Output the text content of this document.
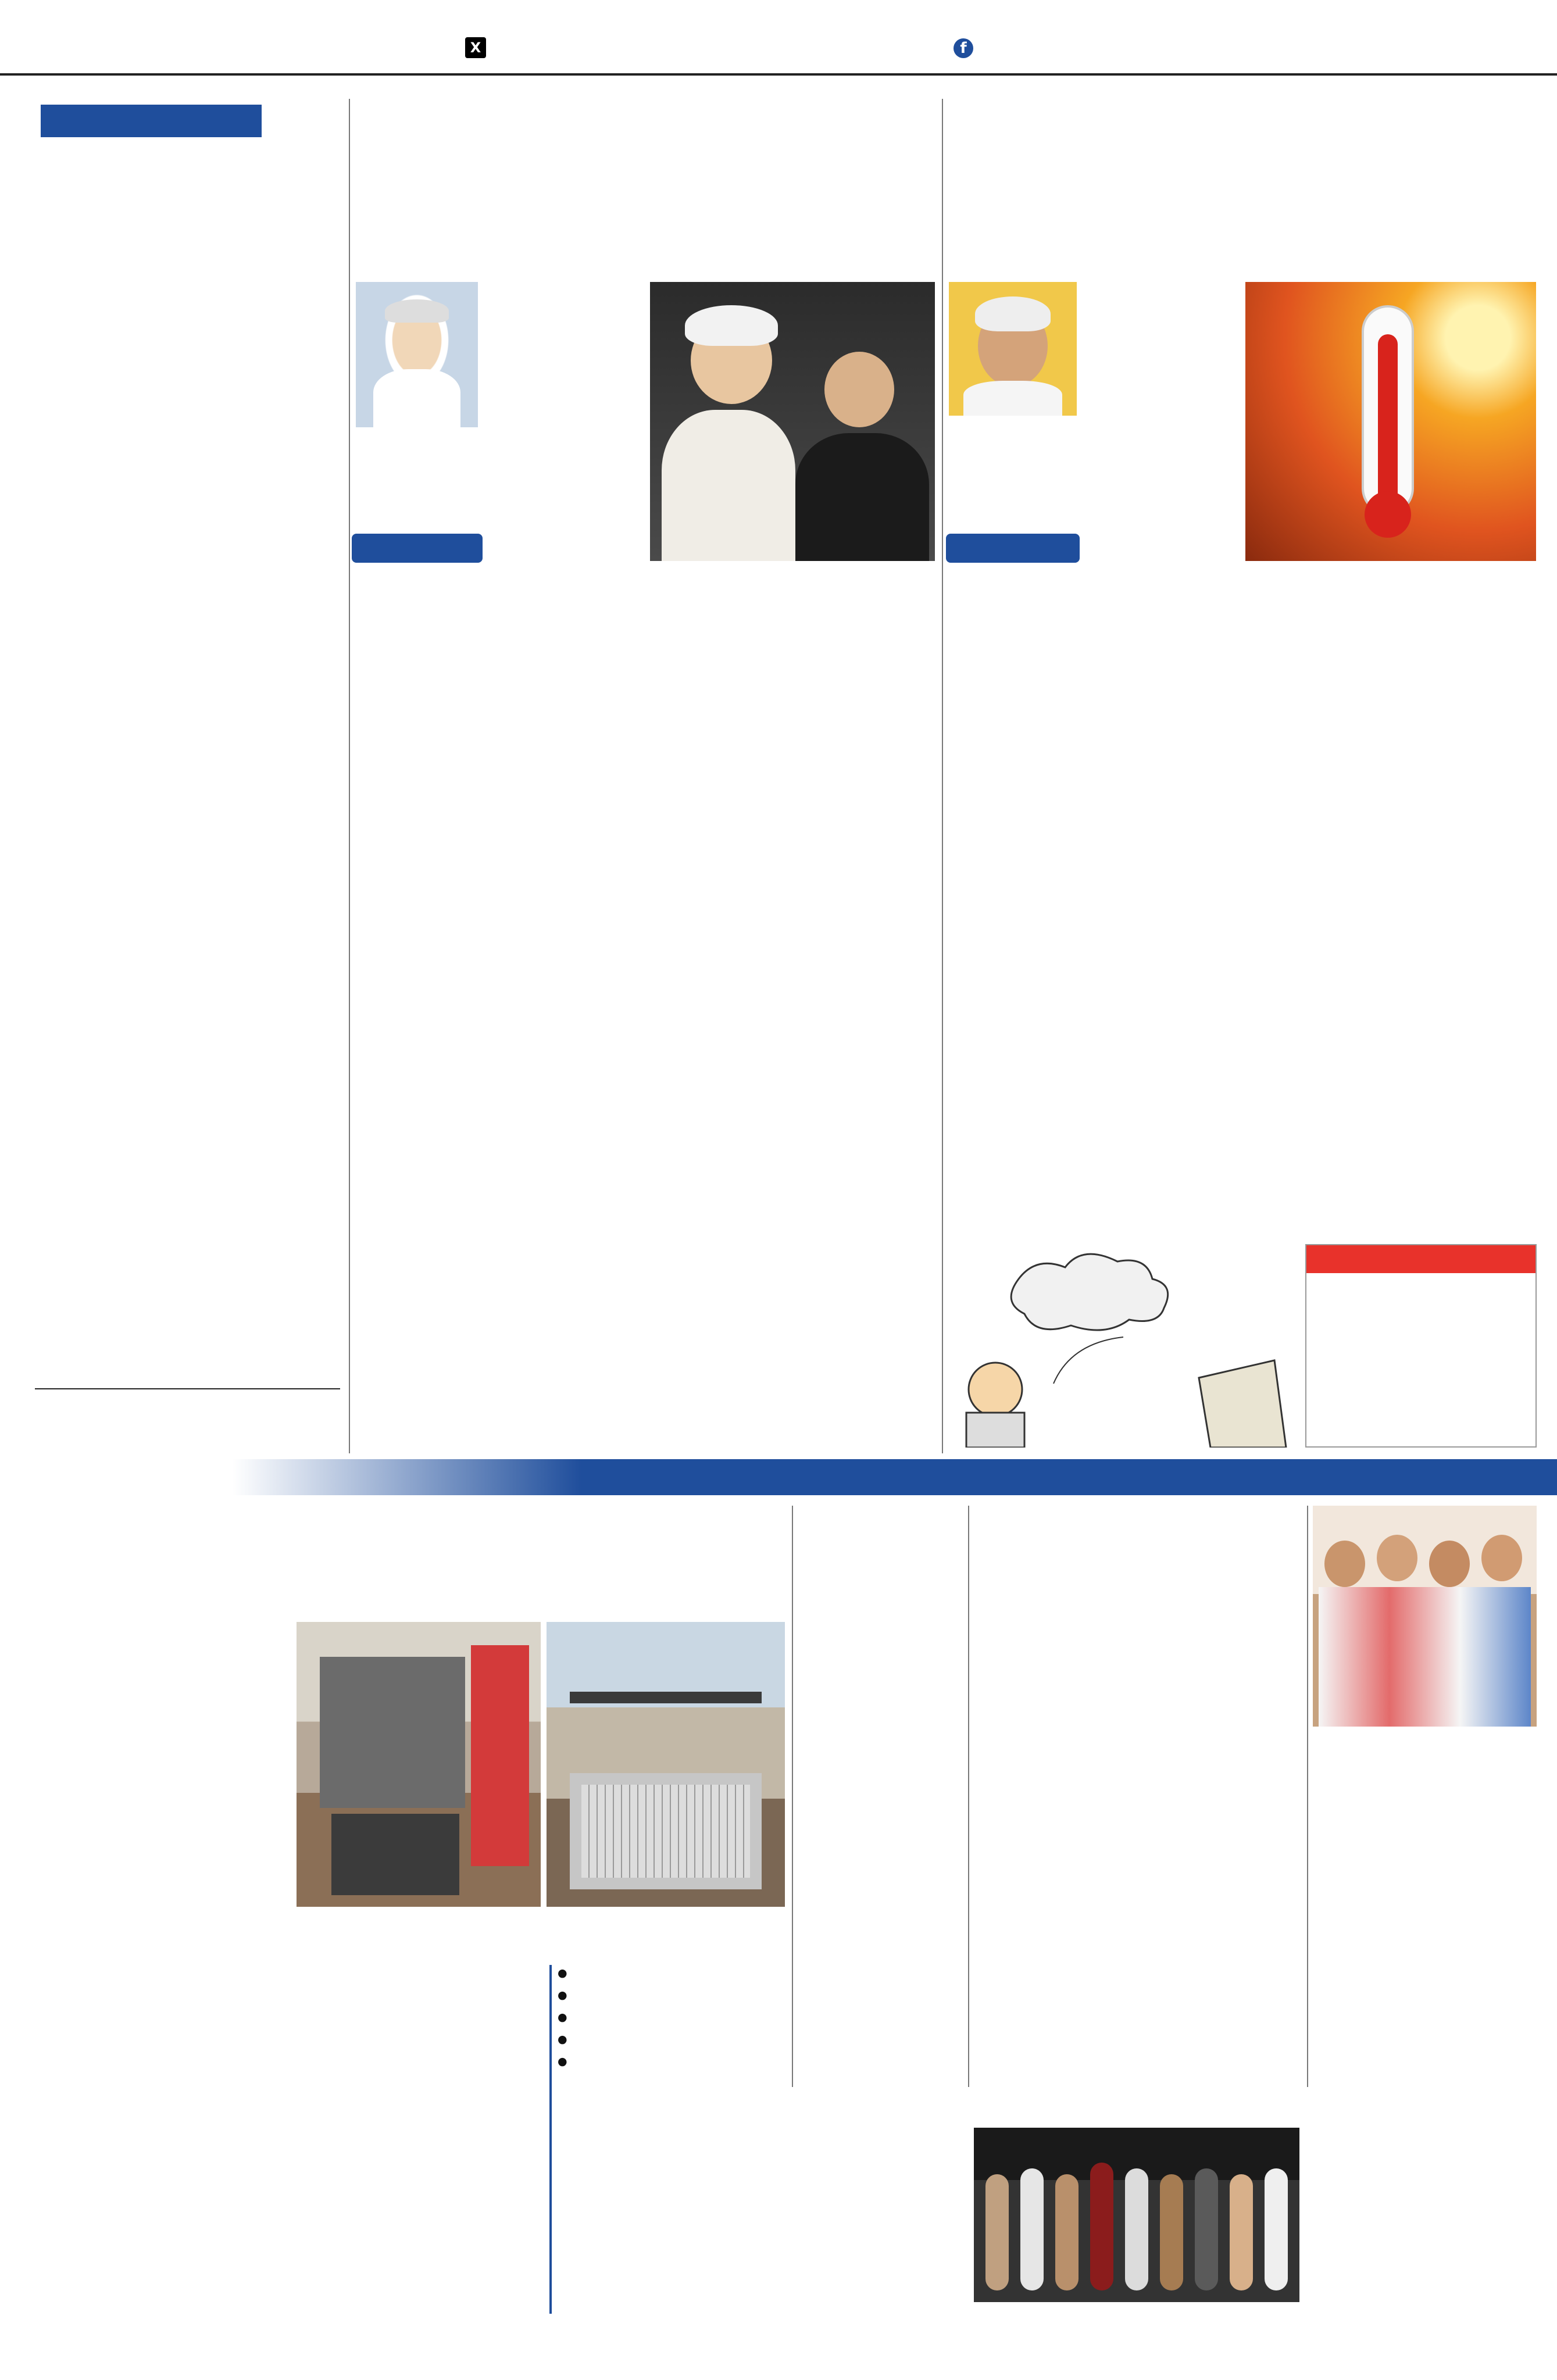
X	f
●
●
●
●
●
